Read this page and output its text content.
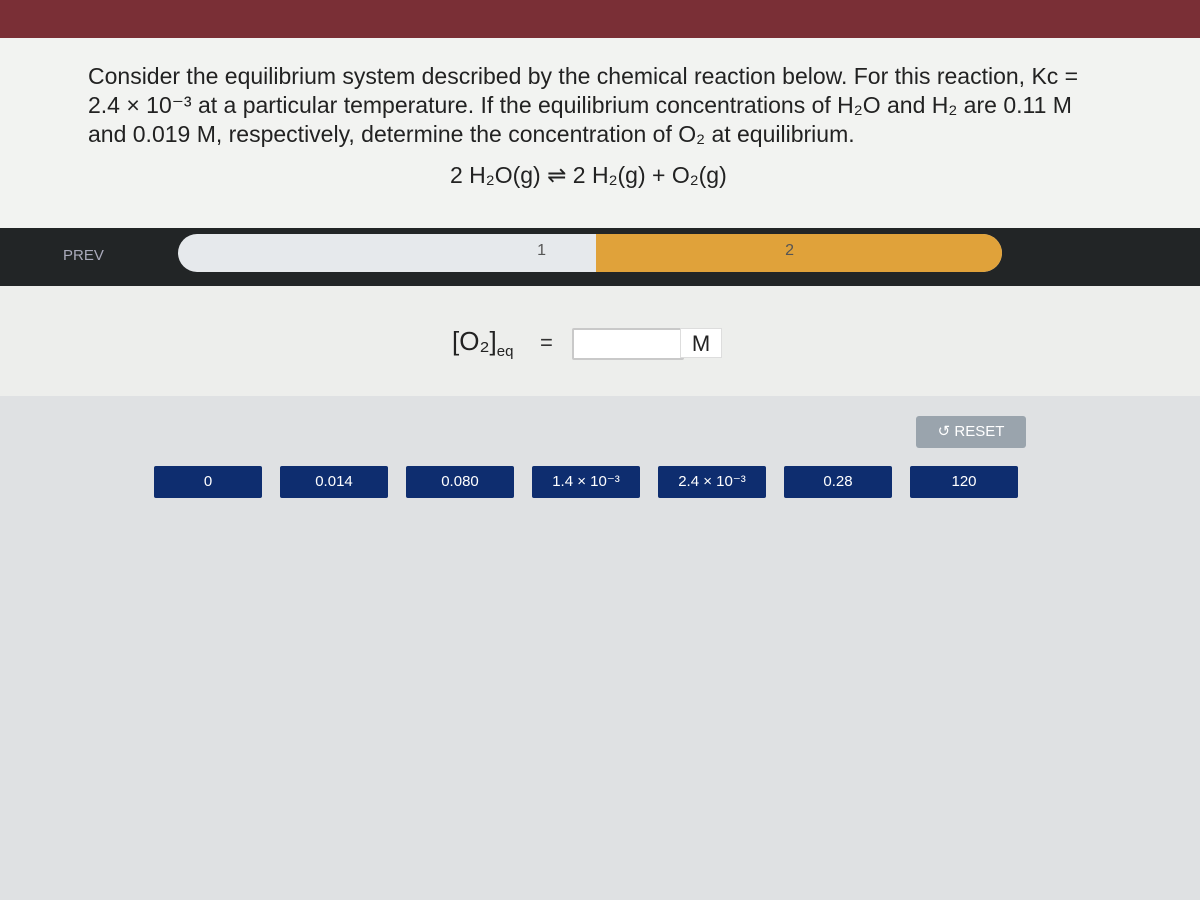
Consider the equilibrium system described by the chemical reaction below. For this reaction, Kc = 2.4 × 10⁻³ at a particular temperature. If the equilibrium concentrations of H₂O and H₂ are 0.11 M and 0.019 M, respectively, determine the concentration of O₂ at equilibrium.
2 H₂O(g) ⇌ 2 H₂(g) + O₂(g)
PREV	1	2
$[O_2]_{eq}$ =	M
↺ RESET
0	0.014	0.080	1.4 × 10⁻³	2.4 × 10⁻³	0.28	120
